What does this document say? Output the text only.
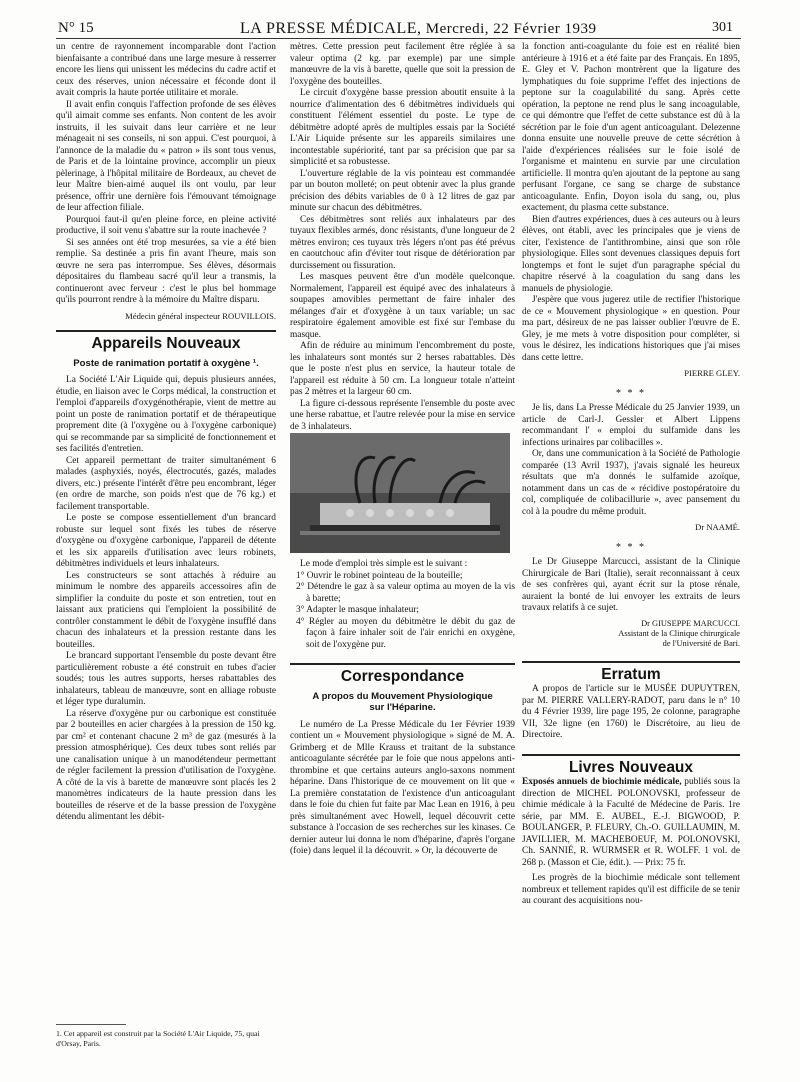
N° 15	LA PRESSE MÉDICALE, Mercredi, 22 Février 1939	301

un centre de rayonnement incomparable dont l'action bienfaisante a contribué dans une large mesure à resserrer encore les liens qui unissent les médecins du cadre actif et ceux des réserves, union nécessaire et féconde dont il avait compris la haute portée utilitaire et morale.

Il avait enfin conquis l'affection profonde de ses élèves qu'il aimait comme ses enfants. Non content de les avoir instruits, il les suivait dans leur carrière et ne leur ménageait ni ses conseils, ni son appui. C'est pourquoi, à l'annonce de la maladie du « patron » ils sont tous venus, de Paris et de la lointaine province, accomplir un pieux pèlerinage, à l'hôpital militaire de Bordeaux, au chevet de leur Maître bien-aimé auquel ils ont voulu, par leur présence, offrir une dernière fois l'émouvant témoignage de leur affection filiale.

Pourquoi faut-il qu'en pleine force, en pleine activité productive, il soit venu s'abattre sur la route inachevée ?

Si ses années ont été trop mesurées, sa vie a été bien remplie. Sa destinée a pris fin avant l'heure, mais son œuvre ne sera pas interrompue. Ses élèves, désormais dépositaires du flambeau sacré qu'il leur a transmis, la continueront avec ferveur : c'est le plus bel hommage qu'ils pourront rendre à la mémoire du Maître disparu.

Médecin général inspecteur ROUVILLOIS.

Appareils Nouveaux
Poste de ranimation portatif à oxygène ¹.

La Société L'Air Liquide qui, depuis plusieurs années, étudie, en liaison avec le Corps médical, la construction et l'emploi d'appareils d'oxygénothérapie, vient de mettre au point un poste de ranimation portatif et de thérapeutique proprement dite (à l'oxygène ou à l'oxygène carbonique) qui se recommande par sa simplicité de fonctionnement et ses facilités d'entretien.

Cet appareil permettant de traiter simultanément 6 malades (asphyxiés, noyés, électrocutés, gazés, malades divers, etc.) présente l'intérêt d'être peu encombrant, léger (en ordre de marche, son poids n'est que de 76 kg.) et facilement transportable.

Le poste se compose essentiellement d'un brancard robuste sur lequel sont fixés les tubes de réserve d'oxygène ou d'oxygène carbonique, l'appareil de détente et les six appareils d'utilisation avec leurs robinets, débitmètres individuels et leurs inhalateurs.

Les constructeurs se sont attachés à réduire au minimum le nombre des appareils accessoires afin de simplifier la conduite du poste et son entretien, tout en laissant aux praticiens qui l'emploient la possibilité de contrôler constamment le débit de l'oxygène insufflé dans chacun des inhalateurs et la pression restante dans les bouteilles.

Le brancard supportant l'ensemble du poste devant être particulièrement robuste a été construit en tubes d'acier soudés; tous les autres supports, herses rabattables des inhalateurs, tableau de manœuvre, sont en alliage robuste et léger type duralumin.

La réserve d'oxygène pur ou carbonique est constituée par 2 bouteilles en acier chargées à la pression de 150 kg. par cm² et contenant chacune 2 m³ de gaz (mesurés à la pression atmosphérique). Ces deux tubes sont reliés par une canalisation unique à un manodétendeur permettant de régler facilement la pression d'utilisation de l'oxygène. A côté de la vis à barette de manœuvre sont placés les 2 manomètres indicateurs de la haute pression dans les bouteilles de réserve et de la basse pression de l'oxygène détendu alimentant les débit-

1. Cet appareil est construit par la Société L'Air Liquide, 75, quai d'Orsay, Paris.

mètres. Cette pression peut facilement être réglée à sa valeur optima (2 kg. par exemple) par une simple manœuvre de la vis à barette, quelle que soit la pression de l'oxygène des bouteilles.

Le circuit d'oxygène basse pression aboutit ensuite à la nourrice d'alimentation des 6 débitmètres individuels qui constituent l'élément essentiel du poste. Le type de débitmètre adopté après de multiples essais par la Société L'Air Liquide présente sur les appareils similaires une incontestable supériorité, tant par sa précision que par sa simplicité et sa robustesse.

L'ouverture réglable de la vis pointeau est commandée par un bouton molleté; on peut obtenir avec la plus grande précision des débits variables de 0 à 12 litres de gaz par minute sur chacun des débitmètres.

Ces débitmètres sont reliés aux inhalateurs par des tuyaux flexibles armés, donc résistants, d'une longueur de 2 mètres environ; ces tuyaux très légers n'ont pas été prévus en caoutchouc afin d'éviter tout risque de détérioration par durcissement ou fissuration.

Les masques peuvent être d'un modèle quelconque. Normalement, l'appareil est équipé avec des inhalateurs à soupapes amovibles permettant de faire inhaler des mélanges d'air et d'oxygène à un taux variable; un sac respiratoire également amovible est fixé sur l'embase du masque.

Afin de réduire au minimum l'encombrement du poste, les inhalateurs sont montés sur 2 herses rabattables. Dès que le poste n'est plus en service, la hauteur totale de l'appareil est réduite à 50 cm. La longueur totale n'atteint pas 2 mètres et la largeur 60 cm.

La figure ci-dessous représente l'ensemble du poste avec une herse rabattue, et l'autre relevée pour la mise en service de 3 inhalateurs.

Le mode d'emploi très simple est le suivant :

1° Ouvrir le robinet pointeau de la bouteille;
2° Détendre le gaz à sa valeur optima au moyen de la vis à barette;
3° Adapter le masque inhalateur;
4° Régler au moyen du débitmètre le débit du gaz de façon à faire inhaler soit de l'air enrichi en oxygène, soit de l'oxygène pur.
Correspondance
A propos du Mouvement Physiologique
sur l'Héparine.

Le numéro de La Presse Médicale du 1er Février 1939 contient un « Mouvement physiologique » signé de M. A. Grimberg et de Mlle Krauss et traitant de la substance anticoagulante sécrétée par le foie que nous appelons anti-thrombine et que certains auteurs anglo-saxons nomment héparine. Dans l'historique de ce mouvement on lit que « La première constatation de l'existence d'un anticoagulant dans le foie du chien fut faite par Mac Lean en 1916, à peu près simultanément avec Howell, lequel découvrit cette substance à l'occasion de ses recherches sur les kinases. Ce dernier auteur lui donna le nom d'héparine, d'après l'organe (foie) dans lequel il la découvrit. » Or, la découverte de

la fonction anti-coagulante du foie est en réalité bien antérieure à 1916 et a été faite par des Français. En 1895, E. Gley et V. Pachon montrèrent que la ligature des lymphatiques du foie supprime l'effet des injections de peptone sur la coagulabilité du sang. Après cette opération, la peptone ne rend plus le sang incoagulable, ce qui démontre que l'effet de cette substance est dû à la sécrétion par le foie d'un agent anticoagulant. Delezenne donna ensuite une nouvelle preuve de cette sécrétion à l'aide d'expériences réalisées sur le foie isolé de l'organisme et maintenu en survie par une circulation artificielle. Il montra qu'en ajoutant de la peptone au sang perfusant l'organe, ce sang se charge de substance anticoagulante. Enfin, Doyon isola du sang, ou, plus exactement, du plasma cette substance.

Bien d'autres expériences, dues à ces auteurs ou à leurs élèves, ont établi, avec les principales que je viens de citer, l'existence de l'antithrombine, ainsi que son rôle physiologique. Elles sont devenues classiques depuis fort longtemps et font le sujet d'un paragraphe spécial du chapitre réservé à la coagulation du sang dans les manuels de physiologie.

J'espère que vous jugerez utile de rectifier l'historique de ce « Mouvement physiologique » en question. Pour ma part, désireux de ne pas laisser oublier l'œuvre de E. Gley, je me mets à votre disposition pour compléter, si vous le désirez, les indications historiques que j'ai mises dans cette lettre.

PIERRE GLEY.

* * *

Je lis, dans La Presse Médicale du 25 Janvier 1939, un article de Carl-J. Gessler et Albert Lippens recommandant l' « emploi du sulfamide dans les infections urinaires par colibacilles ».

Or, dans une communication à la Société de Pathologie comparée (13 Avril 1937), j'avais signalé les heureux résultats que m'a donnés le sulfamide azoïque, notamment dans un cas de « récidive postopératoire du col, compliquée de colibacillurie », avec pansement du col à la poudre du même produit.

Dr NAAMÉ.

* * *

Le Dr Giuseppe Marcucci, assistant de la Clinique Chirurgicale de Bari (Italie), serait reconnaissant à ceux de ses confrères qui, ayant écrit sur la ptose rénale, auraient la bonté de lui envoyer les extraits de leurs travaux relatifs à ce sujet.

Dr GIUSEPPE MARCUCCI.

Assistant de la Clinique chirurgicale

de l'Université de Bari.

Erratum

A propos de l'article sur le MUSÉE DUPUYTREN, par M. PIERRE VALLERY-RADOT, paru dans le n° 10 du 4 Février 1939, lire page 195, 2e colonne, paragraphe VII, 32e ligne (en 1760) le Discrétoire, au lieu de Directoire.

Livres Nouveaux

Exposés annuels de biochimie médicale, publiés sous la direction de MICHEL POLONOVSKI, professeur de chimie médicale à la Faculté de Médecine de Paris. 1re série, par MM. E. AUBEL, E.-J. BIGWOOD, P. BOULANGER, P. FLEURY, Ch.-O. GUILLAUMIN, M. JAVILLIER, M. MACHEBOEUF, M. POLONOVSKI, Ch. SANNIÉ, R. WURMSER et R. WOLFF. 1 vol. de 268 p. (Masson et Cie, édit.). — Prix: 75 fr.

Les progrès de la biochimie médicale sont tellement nombreux et tellement rapides qu'il est difficile de se tenir au courant des acquisitions nou-
